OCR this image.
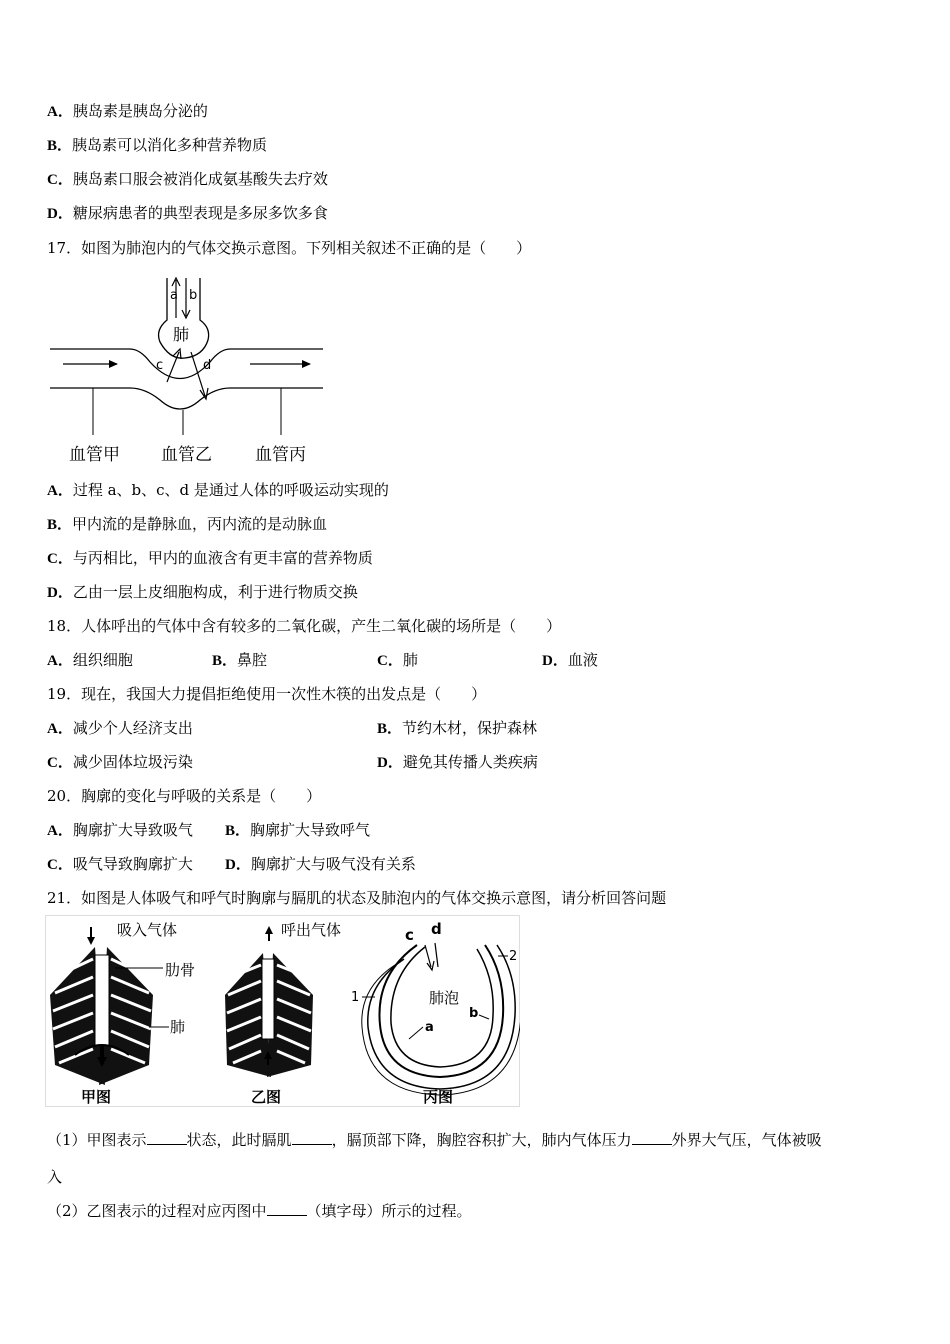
A．胰岛素是胰岛分泌的
B．胰岛素可以消化多种营养物质
C．胰岛素口服会被消化成氨基酸失去疗效
D．糖尿病患者的典型表现是多尿多饮多食
17．如图为肺泡内的气体交换示意图。下列相关叙述不正确的是（　　）
a b
肺
c	d
血管甲 血管乙	血管丙
A．过程 a、b、c、d 是通过人体的呼吸运动实现的
B．甲内流的是静脉血，丙内流的是动脉血
C．与丙相比，甲内的血液含有更丰富的营养物质
D．乙由一层上皮细胞构成，利于进行物质交换
18．人体呼出的气体中含有较多的二氧化碳，产生二氧化碳的场所是（　　）
A．组织细胞	B．鼻腔	C．肺	D．血液
19．现在，我国大力提倡拒绝使用一次性木筷的出发点是（　　）
A．减少个人经济支出	B．节约木材，保护森林
C．减少固体垃圾污染	D．避免其传播人类疾病
20．胸廓的变化与呼吸的关系是（　　）
A．胸廓扩大导致吸气 B．胸廓扩大导致呼气
C．吸气导致胸廓扩大 D．胸廓扩大与吸气没有关系
21．如图是人体吸气和呼气时胸廓与膈肌的状态及肺泡内的气体交换示意图，请分析回答问题
吸入气体
肋骨
肺
甲图
呼出气体
乙图
c d
2
1	肺泡
a
b
丙图
（1）甲图表示	状态，此时膈肌	，膈顶部下降，胸腔容积扩大，肺内气体压力	外界大气压，气体被吸
入
（2）乙图表示的过程对应丙图中	（填字母）所示的过程。
